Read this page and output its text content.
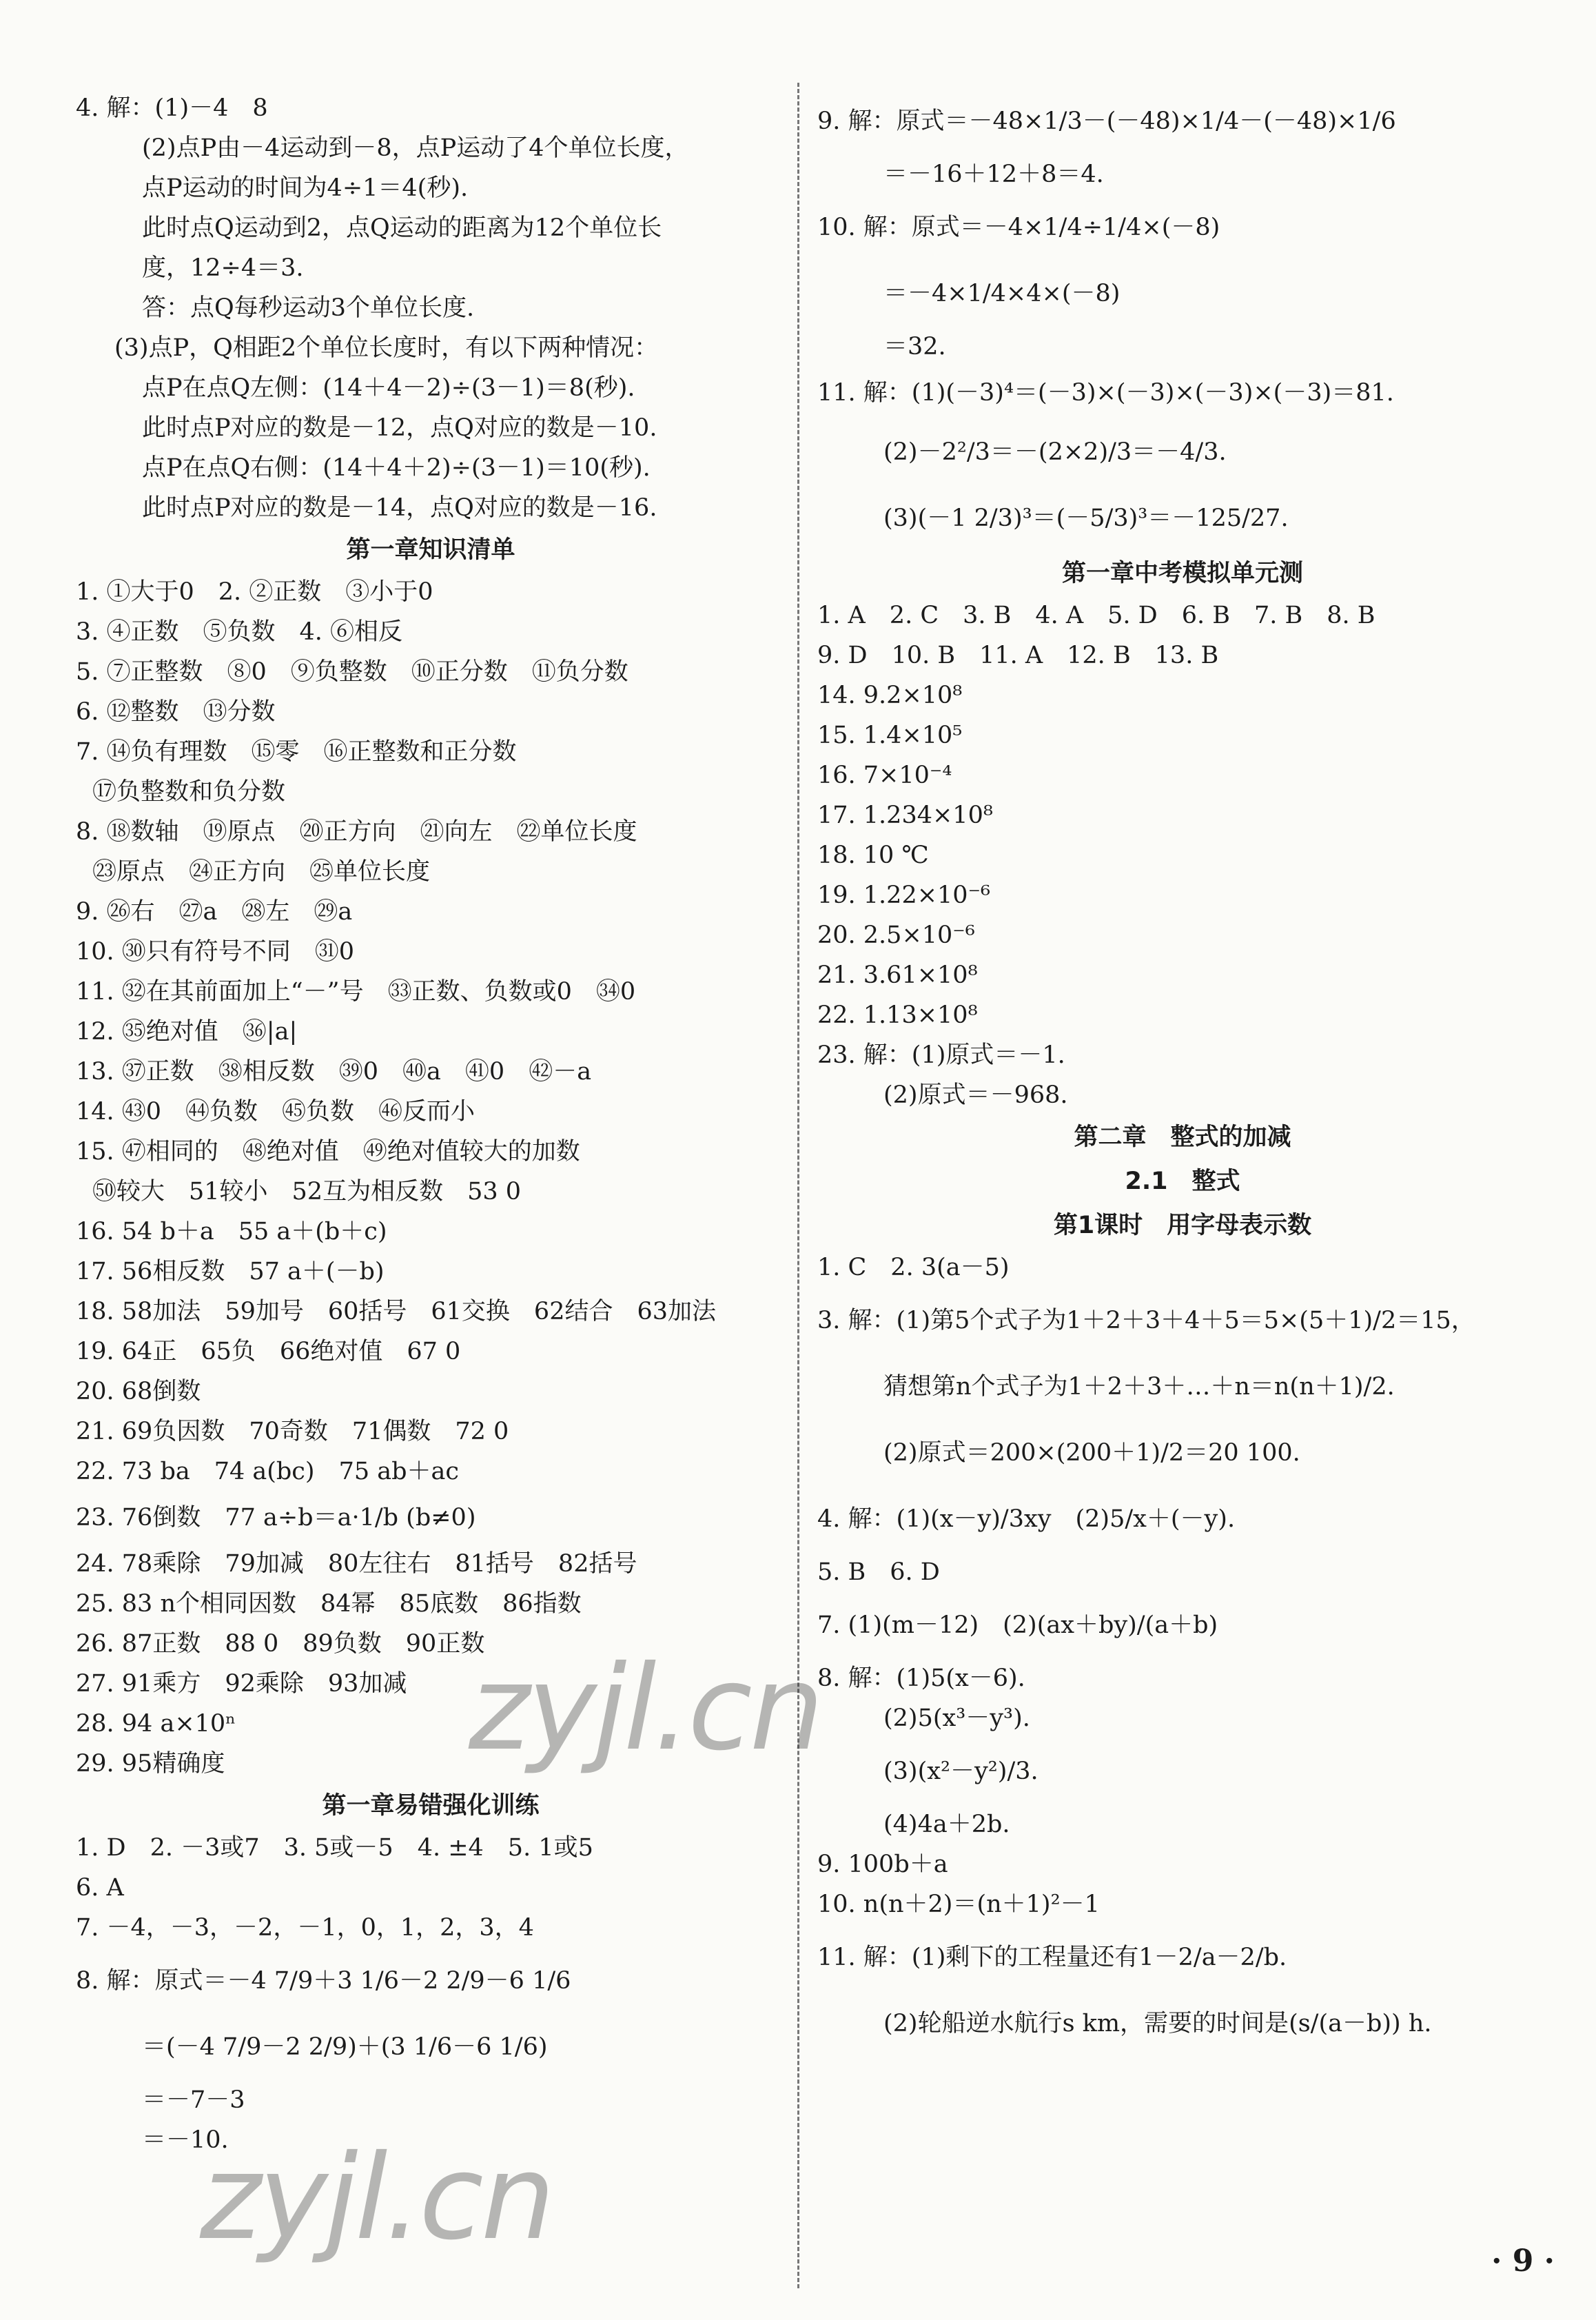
4. 解：(1)－4　8
(2)点P由－4运动到－8，点P运动了4个单位长度，
点P运动的时间为4÷1＝4(秒).
此时点Q运动到2，点Q运动的距离为12个单位长
度，12÷4＝3.
答：点Q每秒运动3个单位长度.
(3)点P，Q相距2个单位长度时，有以下两种情况：
点P在点Q左侧：(14＋4－2)÷(3－1)＝8(秒).
此时点P对应的数是－12，点Q对应的数是－10.
点P在点Q右侧：(14＋4＋2)÷(3－1)＝10(秒).
此时点P对应的数是－14，点Q对应的数是－16.
第一章知识清单
1. ①大于0　2. ②正数　③小于0
3. ④正数　⑤负数　4. ⑥相反
5. ⑦正整数　⑧0　⑨负整数　⑩正分数　⑪负分数
6. ⑫整数　⑬分数
7. ⑭负有理数　⑮零　⑯正整数和正分数
⑰负整数和负分数
8. ⑱数轴　⑲原点　⑳正方向　㉑向左　㉒单位长度
㉓原点　㉔正方向　㉕单位长度
9. ㉖右　㉗a　㉘左　㉙a
10. ㉚只有符号不同　㉛0
11. ㉜在其前面加上“－”号　㉝正数、负数或0　㉞0
12. ㉟绝对值　㊱|a|
13. ㊲正数　㊳相反数　㊴0　㊵a　㊶0　㊷－a
14. ㊸0　㊹负数　㊺负数　㊻反而小
15. ㊼相同的　㊽绝对值　㊾绝对值较大的加数
㊿较大　51较小　52互为相反数　53 0
16. 54 b＋a　55 a＋(b＋c)
17. 56相反数　57 a＋(－b)
18. 58加法　59加号　60括号　61交换　62结合　63加法
19. 64正　65负　66绝对值　67 0
20. 68倒数
21. 69负因数　70奇数　71偶数　72 0
22. 73 ba　74 a(bc)　75 ab＋ac
23. 76倒数　77 a÷b＝a·1/b (b≠0)
24. 78乘除　79加减　80左往右　81括号　82括号
25. 83 n个相同因数　84幂　85底数　86指数
26. 87正数　88 0　89负数　90正数
27. 91乘方　92乘除　93加减
28. 94 a×10ⁿ
29. 95精确度
第一章易错强化训练
1. D　2. －3或7　3. 5或－5　4. ±4　5. 1或5
6. A
7. －4，－3，－2，－1，0，1，2，3，4
8. 解：原式＝－4 7/9＋3 1/6－2 2/9－6 1/6
＝(－4 7/9－2 2/9)＋(3 1/6－6 1/6)
＝－7－3
＝－10.
9. 解：原式＝－48×1/3－(－48)×1/4－(－48)×1/6
＝－16＋12＋8＝4.
10. 解：原式＝－4×1/4÷1/4×(－8)
＝－4×1/4×4×(－8)
＝32.
11. 解：(1)(－3)⁴＝(－3)×(－3)×(－3)×(－3)＝81.
(2)－2²/3＝－(2×2)/3＝－4/3.
(3)(－1 2/3)³＝(－5/3)³＝－125/27.
第一章中考模拟单元测
1. A　2. C　3. B　4. A　5. D　6. B　7. B　8. B
9. D　10. B　11. A　12. B　13. B
14. 9.2×10⁸
15. 1.4×10⁵
16. 7×10⁻⁴
17. 1.234×10⁸
18. 10 ℃
19. 1.22×10⁻⁶
20. 2.5×10⁻⁶
21. 3.61×10⁸
22. 1.13×10⁸
23. 解：(1)原式＝－1.
(2)原式＝－968.
第二章　整式的加减
2.1　整式
第1课时　用字母表示数
1. C　2. 3(a－5)
3. 解：(1)第5个式子为1＋2＋3＋4＋5＝5×(5＋1)/2＝15，
猜想第n个式子为1＋2＋3＋…＋n＝n(n＋1)/2.
(2)原式＝200×(200＋1)/2＝20 100.
4. 解：(1)(x－y)/3xy　(2)5/x＋(－y).
5. B　6. D
7. (1)(m－12)　(2)(ax＋by)/(a＋b)
8. 解：(1)5(x－6).
(2)5(x³－y³).
(3)(x²－y²)/3.
(4)4a＋2b.
9. 100b＋a
10. n(n＋2)＝(n＋1)²－1
11. 解：(1)剩下的工程量还有1－2/a－2/b.
(2)轮船逆水航行s km，需要的时间是(s/(a－b)) h.
zyjl.cn
zyjl.cn	· 9 ·
